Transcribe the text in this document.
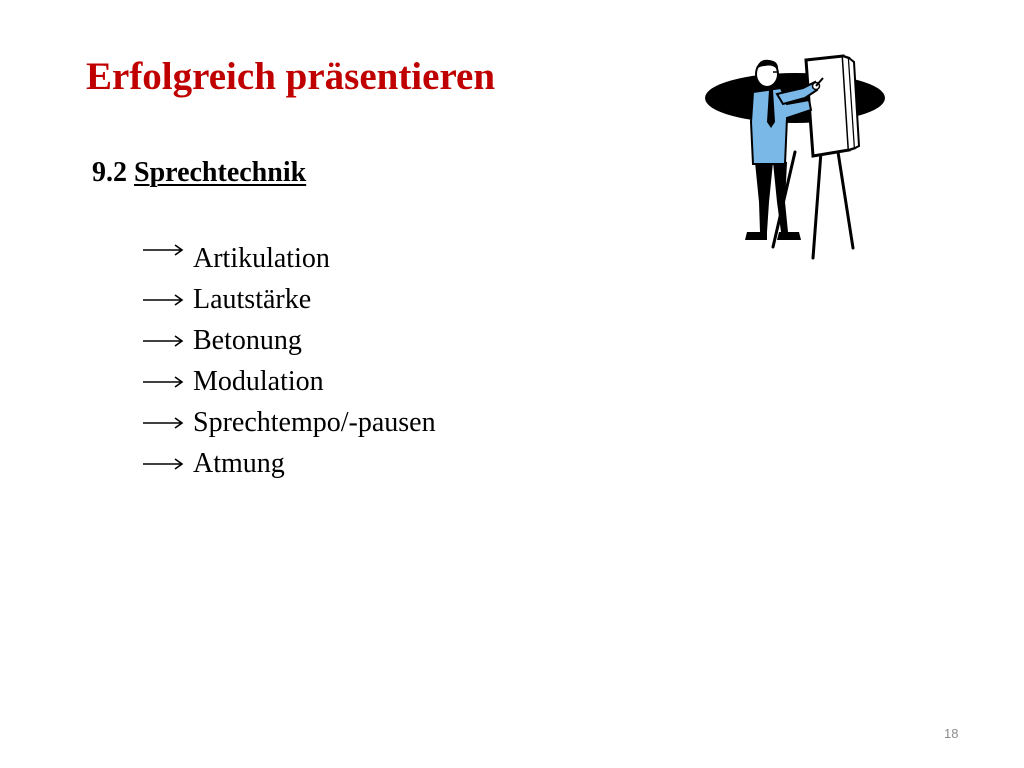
Erfolgreich präsentieren
9.2 Sprechtechnik
Artikulation
Lautstärke
Betonung
Modulation
Sprechtempo/-pausen
Atmung
18
